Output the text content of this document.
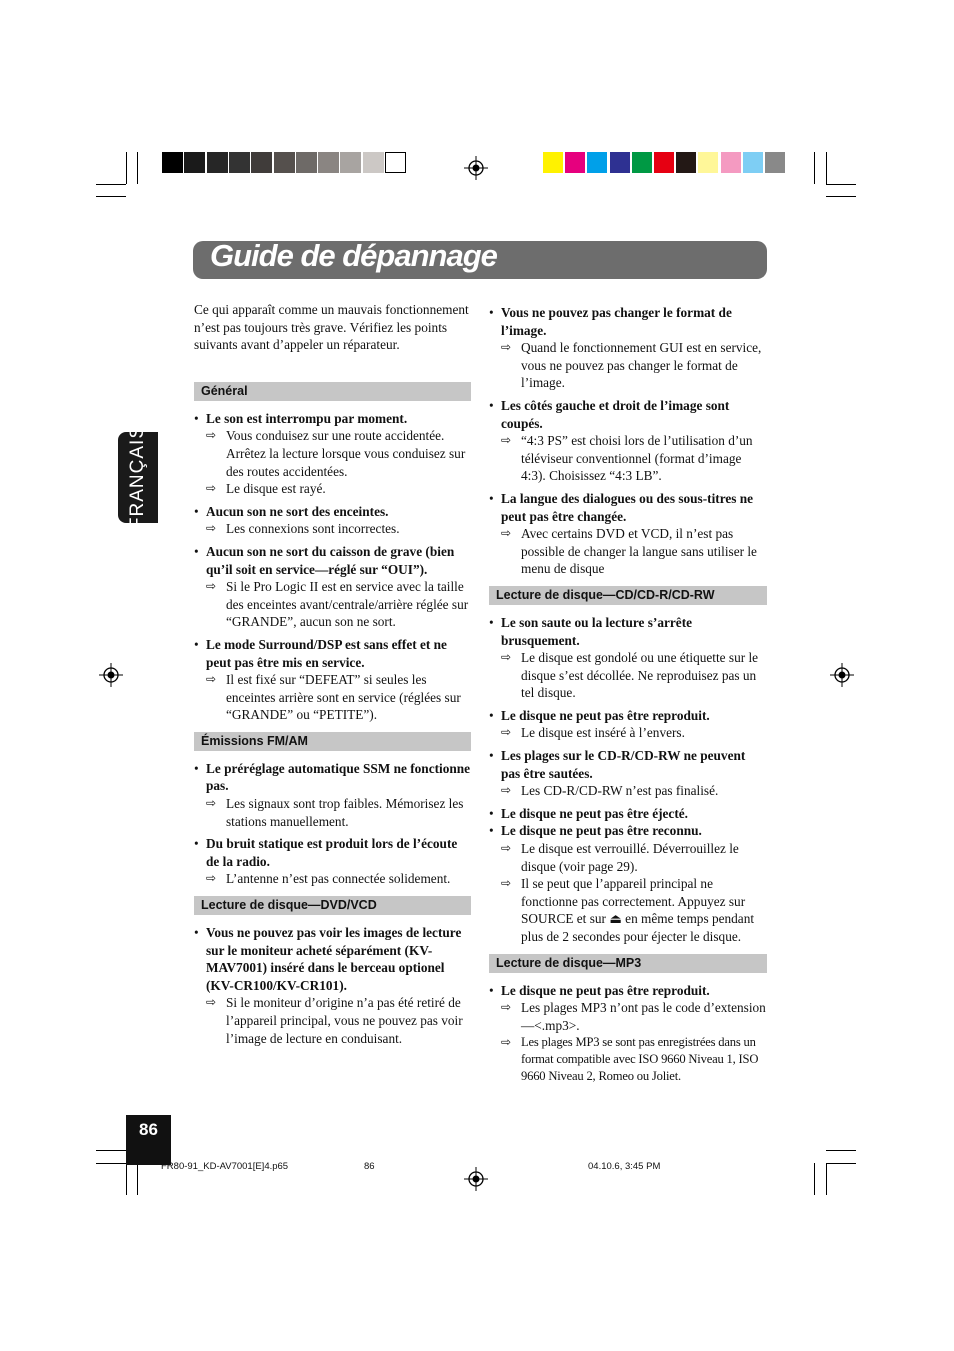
Guide de dépannage
FRANÇAIS

Ce qui apparaît comme un mauvais fonctionnement n’est pas toujours très grave. Vérifiez les points suivants avant d’appeler un réparateur.

Général
• Le son est interrompu par moment.
⇨ Vous conduisez sur une route accidentée. Arrêtez la lecture lorsque vous conduisez sur des routes accidentées.
⇨ Le disque est rayé.
• Aucun son ne sort des enceintes.
⇨ Les connexions sont incorrectes.
• Aucun son ne sort du caisson de grave (bien qu’il soit en service—réglé sur “OUI”).
⇨ Si le Pro Logic II est en service avec la taille des enceintes avant/centrale/arrière réglée sur “GRANDE”, aucun son ne sort.
• Le mode Surround/DSP est sans effet et ne peut pas être mis en service.
⇨ Il est fixé sur “DEFEAT” si seules les enceintes arrière sont en service (réglées sur “GRANDE” ou “PETITE”).
Émissions FM/AM
• Le préréglage automatique SSM ne fonctionne pas.
⇨ Les signaux sont trop faibles. Mémorisez les stations manuellement.
• Du bruit statique est produit lors de l’écoute de la radio.
⇨ L’antenne n’est pas connectée solidement.
Lecture de disque—DVD/VCD
• Vous ne pouvez pas voir les images de lecture sur le moniteur acheté séparément (KV-MAV7001) inséré dans le berceau optionel (KV-CR100/KV-CR101).
⇨ Si le moniteur d’origine n’a pas été retiré de l’appareil principal, vous ne pouvez pas voir l’image de lecture en conduisant.
• Vous ne pouvez pas changer le format de l’image.
⇨ Quand le fonctionnement GUI est en service, vous ne pouvez pas changer le format de l’image.
• Les côtés gauche et droit de l’image sont coupés.
⇨ “4:3 PS” est choisi lors de l’utilisation d’un téléviseur conventionnel (format d’image 4:3). Choisissez “4:3 LB”.
• La langue des dialogues ou des sous-titres ne peut pas être changée.
⇨ Avec certains DVD et VCD, il n’est pas possible de changer la langue sans utiliser le menu de disque
Lecture de disque—CD/CD-R/CD-RW
• Le son saute ou la lecture s’arrête brusquement.
⇨ Le disque est gondolé ou une étiquette sur le disque s’est décollée. Ne reproduisez pas un tel disque.
• Le disque ne peut pas être reproduit.
⇨ Le disque est inséré à l’envers.
• Les plages sur le CD-R/CD-RW ne peuvent pas être sautées.
⇨ Les CD-R/CD-RW n’est pas finalisé.
• Le disque ne peut pas être éjecté.
• Le disque ne peut pas être reconnu.
⇨ Le disque est verrouillé. Déverrouillez le disque (voir page 29).
⇨ Il se peut que l’appareil principal ne fonctionne pas correctement. Appuyez sur SOURCE et sur ⏏ en même temps pendant plus de 2 secondes pour éjecter le disque.
Lecture de disque—MP3
• Le disque ne peut pas être reproduit.
⇨ Les plages MP3 n’ont pas le code d’extension—<.mp3>.
⇨ Les plages MP3 se sont pas enregistrées dans un format compatible avec ISO 9660 Niveau 1, ISO 9660 Niveau 2, Romeo ou Joliet.
86
FR80-91_KD-AV7001[E]4.p65	86	04.10.6, 3:45 PM
